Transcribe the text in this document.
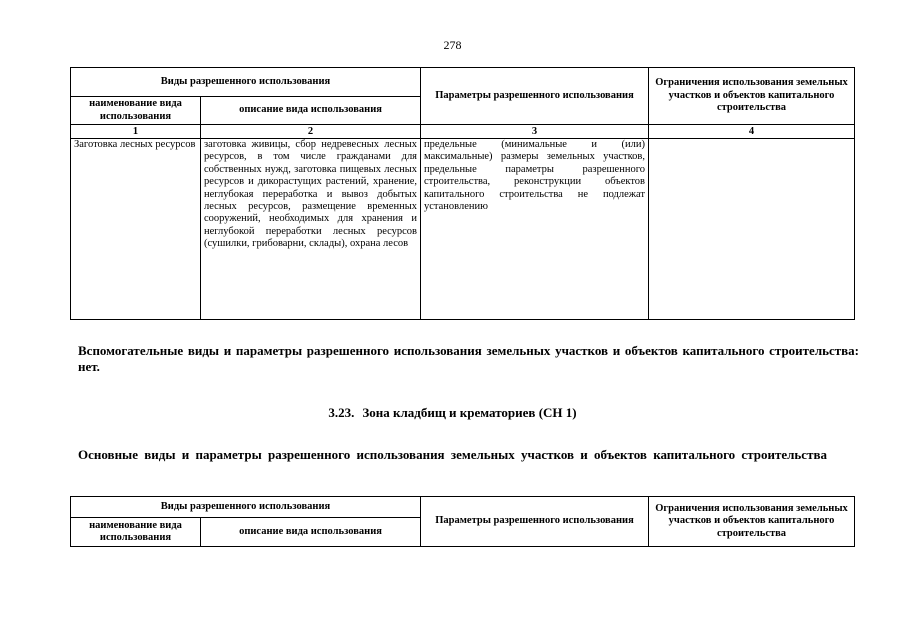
278
Виды разрешенного использования		Параметры разрешенного использования	Ограничения использования земельных участков и объектов капитального строительства
наименование вида использования	описание вида использования		
1	2	3	4
Заготовка лесных ресурсов	заготовка живицы, сбор недревесных лесных ресурсов, в том числе гражданами для собственных нужд, заготовка пищевых лесных ресурсов и дикорастущих растений, хранение, неглубокая переработка и вывоз добытых лесных ресурсов, размещение временных сооружений, необходимых для хранения и неглубокой переработки лесных ресурсов (сушилки, грибоварни, склады), охрана лесов	предельные (минимальные и (или) максимальные) размеры земельных участков, предельные параметры разрешенного строительства, реконструкции объектов капитального строительства не подлежат установлению	
Вспомогательные виды и параметры разрешенного использования земельных участков и объектов капитального строительства: нет.
3.23. Зона кладбищ и крематориев (СН 1)
Основные виды и параметры разрешенного использования земельных участков и объектов капитального строительства
Виды разрешенного использования		Параметры разрешенного использования	Ограничения использования земельных участков и объектов капитального строительства
наименование вида использования	описание вида использования		
